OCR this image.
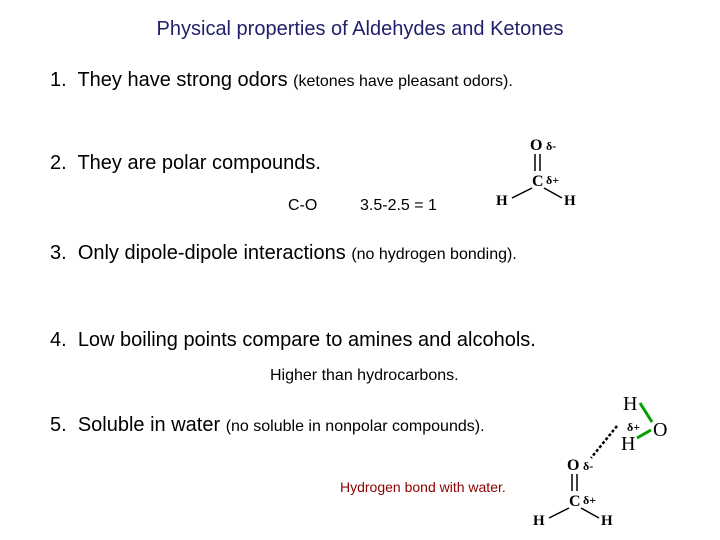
Physical properties of Aldehydes and Ketones
1. They have strong odors (ketones have pleasant odors).
2. They are polar compounds.
C-O	3.5-2.5 = 1
O
C
H	H
δ-
δ+
3. Only dipole-dipole interactions (no hydrogen bonding).
4. Low boiling points compare to amines and alcohols.
Higher than hydrocarbons.
5. Soluble in water (no soluble in nonpolar compounds).
H
O
H
δ+
Hydrogen bond with water.
O
C
H	H
δ-
δ+
